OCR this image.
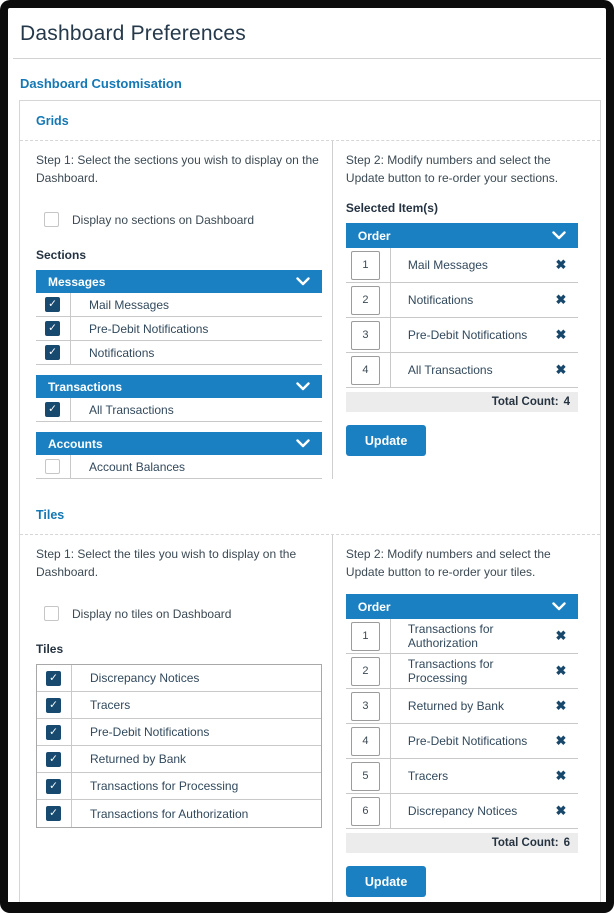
Dashboard Preferences
Dashboard Customisation
Grids

Step 1: Select the sections you wish to display on the Dashboard.

Display no sections on Dashboard
Sections
Messages
✓	Mail Messages
✓	Pre-Debit Notifications
✓	Notifications
Transactions
✓	All Transactions
Accounts
Account Balances

Step 2: Modify numbers and select the Update button to re-order your sections.

Selected Item(s)
Order
1
Mail Messages	✖
2
Notifications	✖
3
Pre-Debit Notifications	✖
4
All Transactions	✖
Total Count: 4
Update
Tiles

Step 1: Select the tiles you wish to display on the Dashboard.

Display no tiles on Dashboard
Tiles
✓	Discrepancy Notices
✓	Tracers
✓	Pre-Debit Notifications
✓	Returned by Bank
✓	Transactions for Processing
✓	Transactions for Authorization

Step 2: Modify numbers and select the Update button to re-order your tiles.

Order
1
Transactions for Authorization	✖
2
Transactions for Processing	✖
3
Returned by Bank	✖
4
Pre-Debit Notifications	✖
5
Tracers	✖
6
Discrepancy Notices	✖
Total Count: 6
Update
